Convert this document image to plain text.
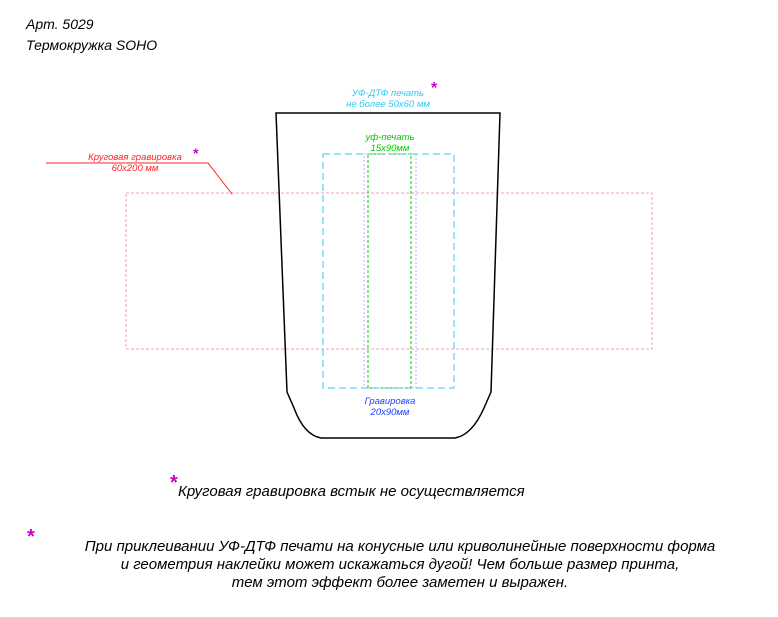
Арт. 5029
Термокружка SOHO
УФ-ДТФ печать
не более 50х60 мм
*
уф-печать
15х90мм
Круговая гравировка
60х200 мм
*
Гравировка
20х90мм
* Круговая гравировка встык не осуществляется
*	При приклеивании УФ-ДТФ печати на конусные или криволинейные поверхности форма
и геометрия наклейки может искажаться дугой! Чем больше размер принта,
тем этот эффект более заметен и выражен.
